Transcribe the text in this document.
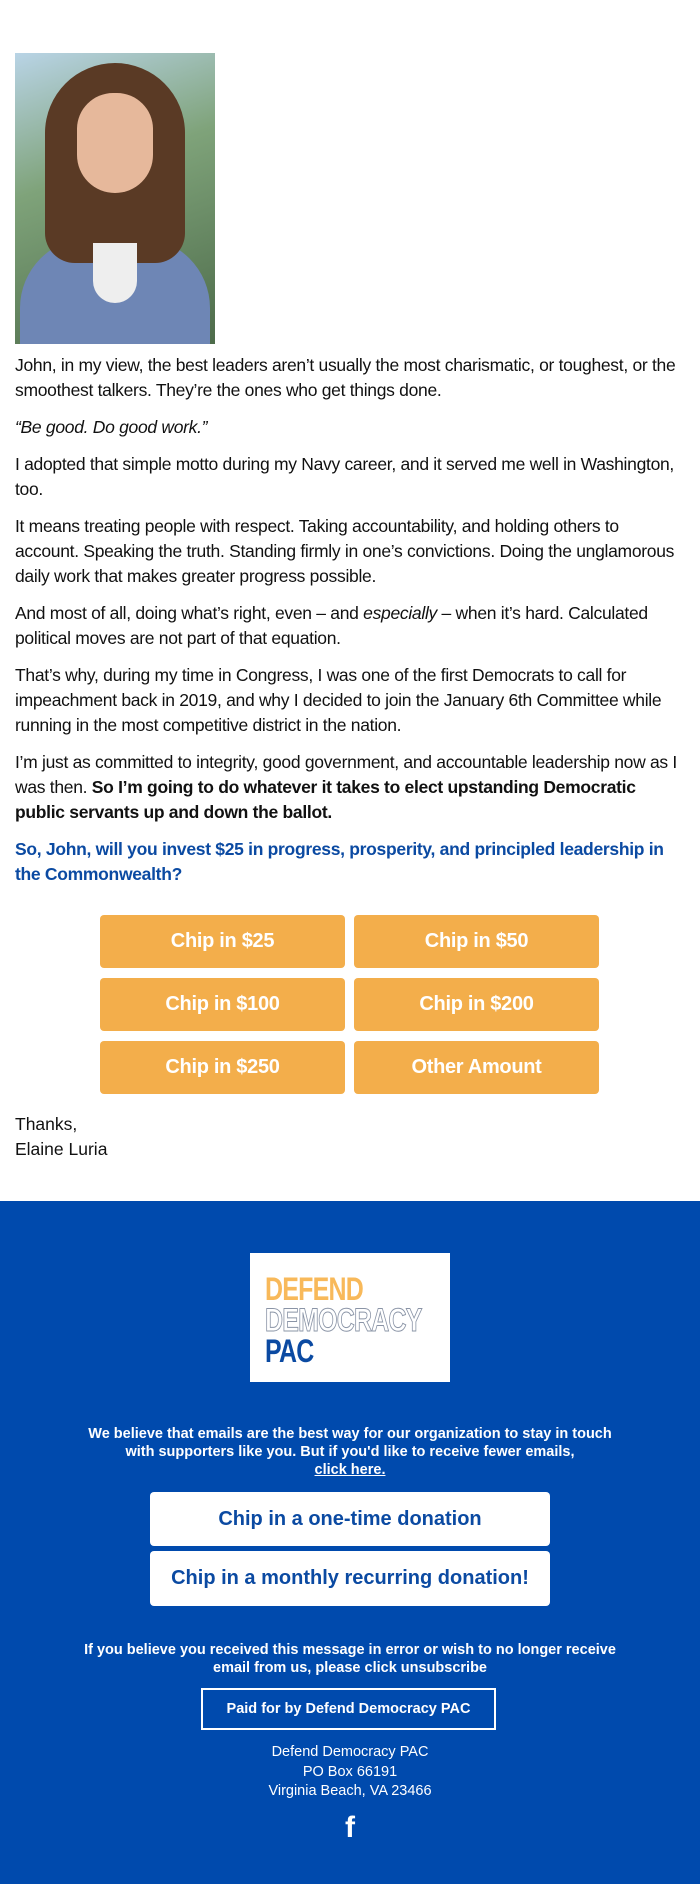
John, in my view, the best leaders aren’t usually the most charismatic, or toughest, or the smoothest talkers. They’re the ones who get things done.

“Be good. Do good work.”

I adopted that simple motto during my Navy career, and it served me well in Washington, too.

It means treating people with respect. Taking accountability, and holding others to account. Speaking the truth. Standing firmly in one’s convictions. Doing the unglamorous daily work that makes greater progress possible.

And most of all, doing what’s right, even – and especially – when it’s hard. Calculated political moves are not part of that equation.

That’s why, during my time in Congress, I was one of the first Democrats to call for impeachment back in 2019, and why I decided to join the January 6th Committee while running in the most competitive district in the nation.

I’m just as committed to integrity, good government, and accountable leadership now as I was then. So I’m going to do whatever it takes to elect upstanding Democratic public servants up and down the ballot.

So, John, will you invest $25 in progress, prosperity, and principled leadership in the Commonwealth?

Chip in $25	Chip in $50
Chip in $100	Chip in $200
Chip in $250	Other Amount
Thanks,
Elaine Luria
DEFEND
DEMOCRACY
PAC
We believe that emails are the best way for our organization to stay in touch with supporters like you. But if you'd like to receive fewer emails,
click here.
Chip in a one-time donation
Chip in a monthly recurring donation!
If you believe you received this message in error or wish to no longer receive email from us, please click unsubscribe
Paid for by Defend Democracy PAC
Defend Democracy PAC
PO Box 66191
Virginia Beach, VA 23466
f
